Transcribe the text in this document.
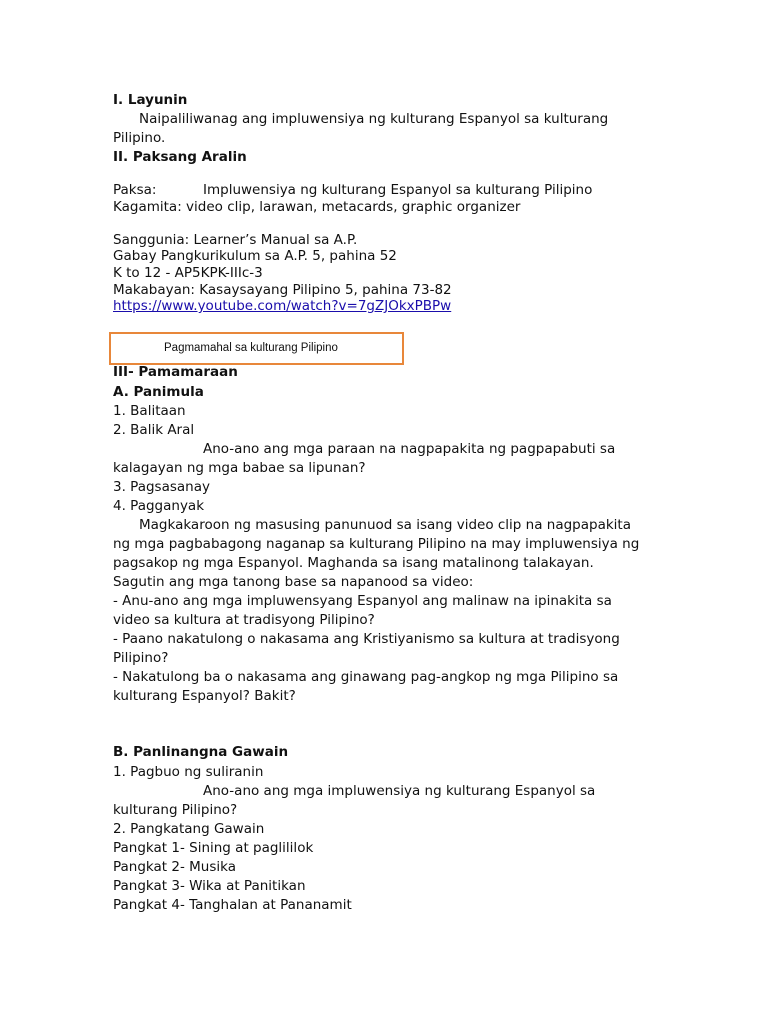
I. Layunin
Naipaliliwanag ang impluwensiya ng kulturang Espanyol sa kulturang
Pilipino.
II. Paksang Aralin
Paksa:	Impluwensiya ng kulturang Espanyol sa kulturang Pilipino
Kagamita: video clip, larawan, metacards, graphic organizer
Sanggunia: Learner’s Manual sa A.P.
Gabay Pangkurikulum sa A.P. 5, pahina 52
K to 12 - AP5KPK-IIIc-3
Makabayan: Kasaysayang Pilipino 5, pahina 73-82
https://www.youtube.com/watch?v=7gZJOkxPBPw
Pagmamahal sa kulturang Pilipino
III- Pamamaraan
A. Panimula
1. Balitaan
2. Balik Aral
Ano-ano ang mga paraan na nagpapakita ng pagpapabuti sa
kalagayan ng mga babae sa lipunan?
3. Pagsasanay
4. Pagganyak
Magkakaroon ng masusing panunuod sa isang video clip na nagpapakita
ng mga pagbabagong naganap sa kulturang Pilipino na may impluwensiya ng
pagsakop ng mga Espanyol. Maghanda sa isang matalinong talakayan.
Sagutin ang mga tanong base sa napanood sa video:
- Anu-ano ang mga impluwensyang Espanyol ang malinaw na ipinakita sa
video sa kultura at tradisyong Pilipino?
- Paano nakatulong o nakasama ang Kristiyanismo sa kultura at tradisyong
Pilipino?
- Nakatulong ba o nakasama ang ginawang pag-angkop ng mga Pilipino sa
kulturang Espanyol? Bakit?
B. Panlinangna Gawain
1. Pagbuo ng suliranin
Ano-ano ang mga impluwensiya ng kulturang Espanyol sa
kulturang Pilipino?
2. Pangkatang Gawain
Pangkat 1- Sining at paglililok
Pangkat 2- Musika
Pangkat 3- Wika at Panitikan
Pangkat 4- Tanghalan at Pananamit
